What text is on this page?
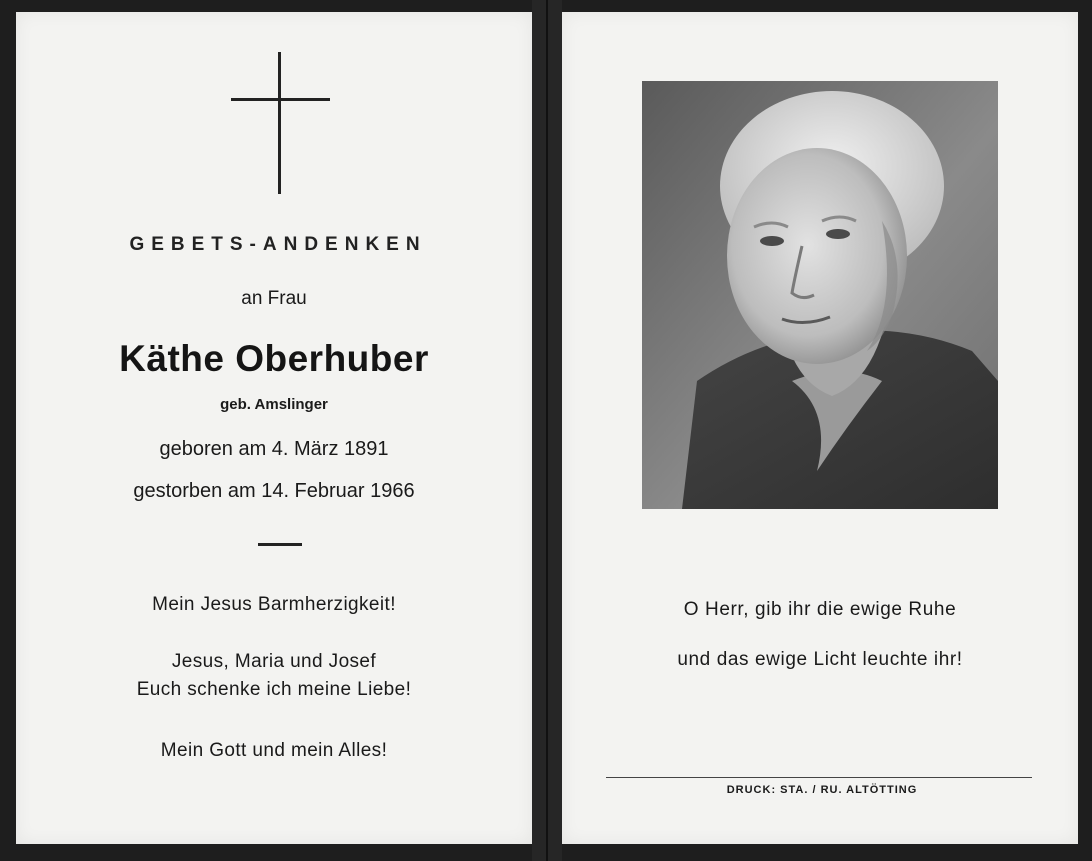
GEBETS-ANDENKEN
an Frau
Käthe Oberhuber
geb. Amslinger
geboren am 4. März 1891
gestorben am 14. Februar 1966
Mein Jesus Barmherzigkeit!
Jesus, Maria und Josef
Euch schenke ich meine Liebe!
Mein Gott und mein Alles!
O Herr, gib ihr die ewige Ruhe
und das ewige Licht leuchte ihr!
DRUCK: STA. / RU. ALTÖTTING
